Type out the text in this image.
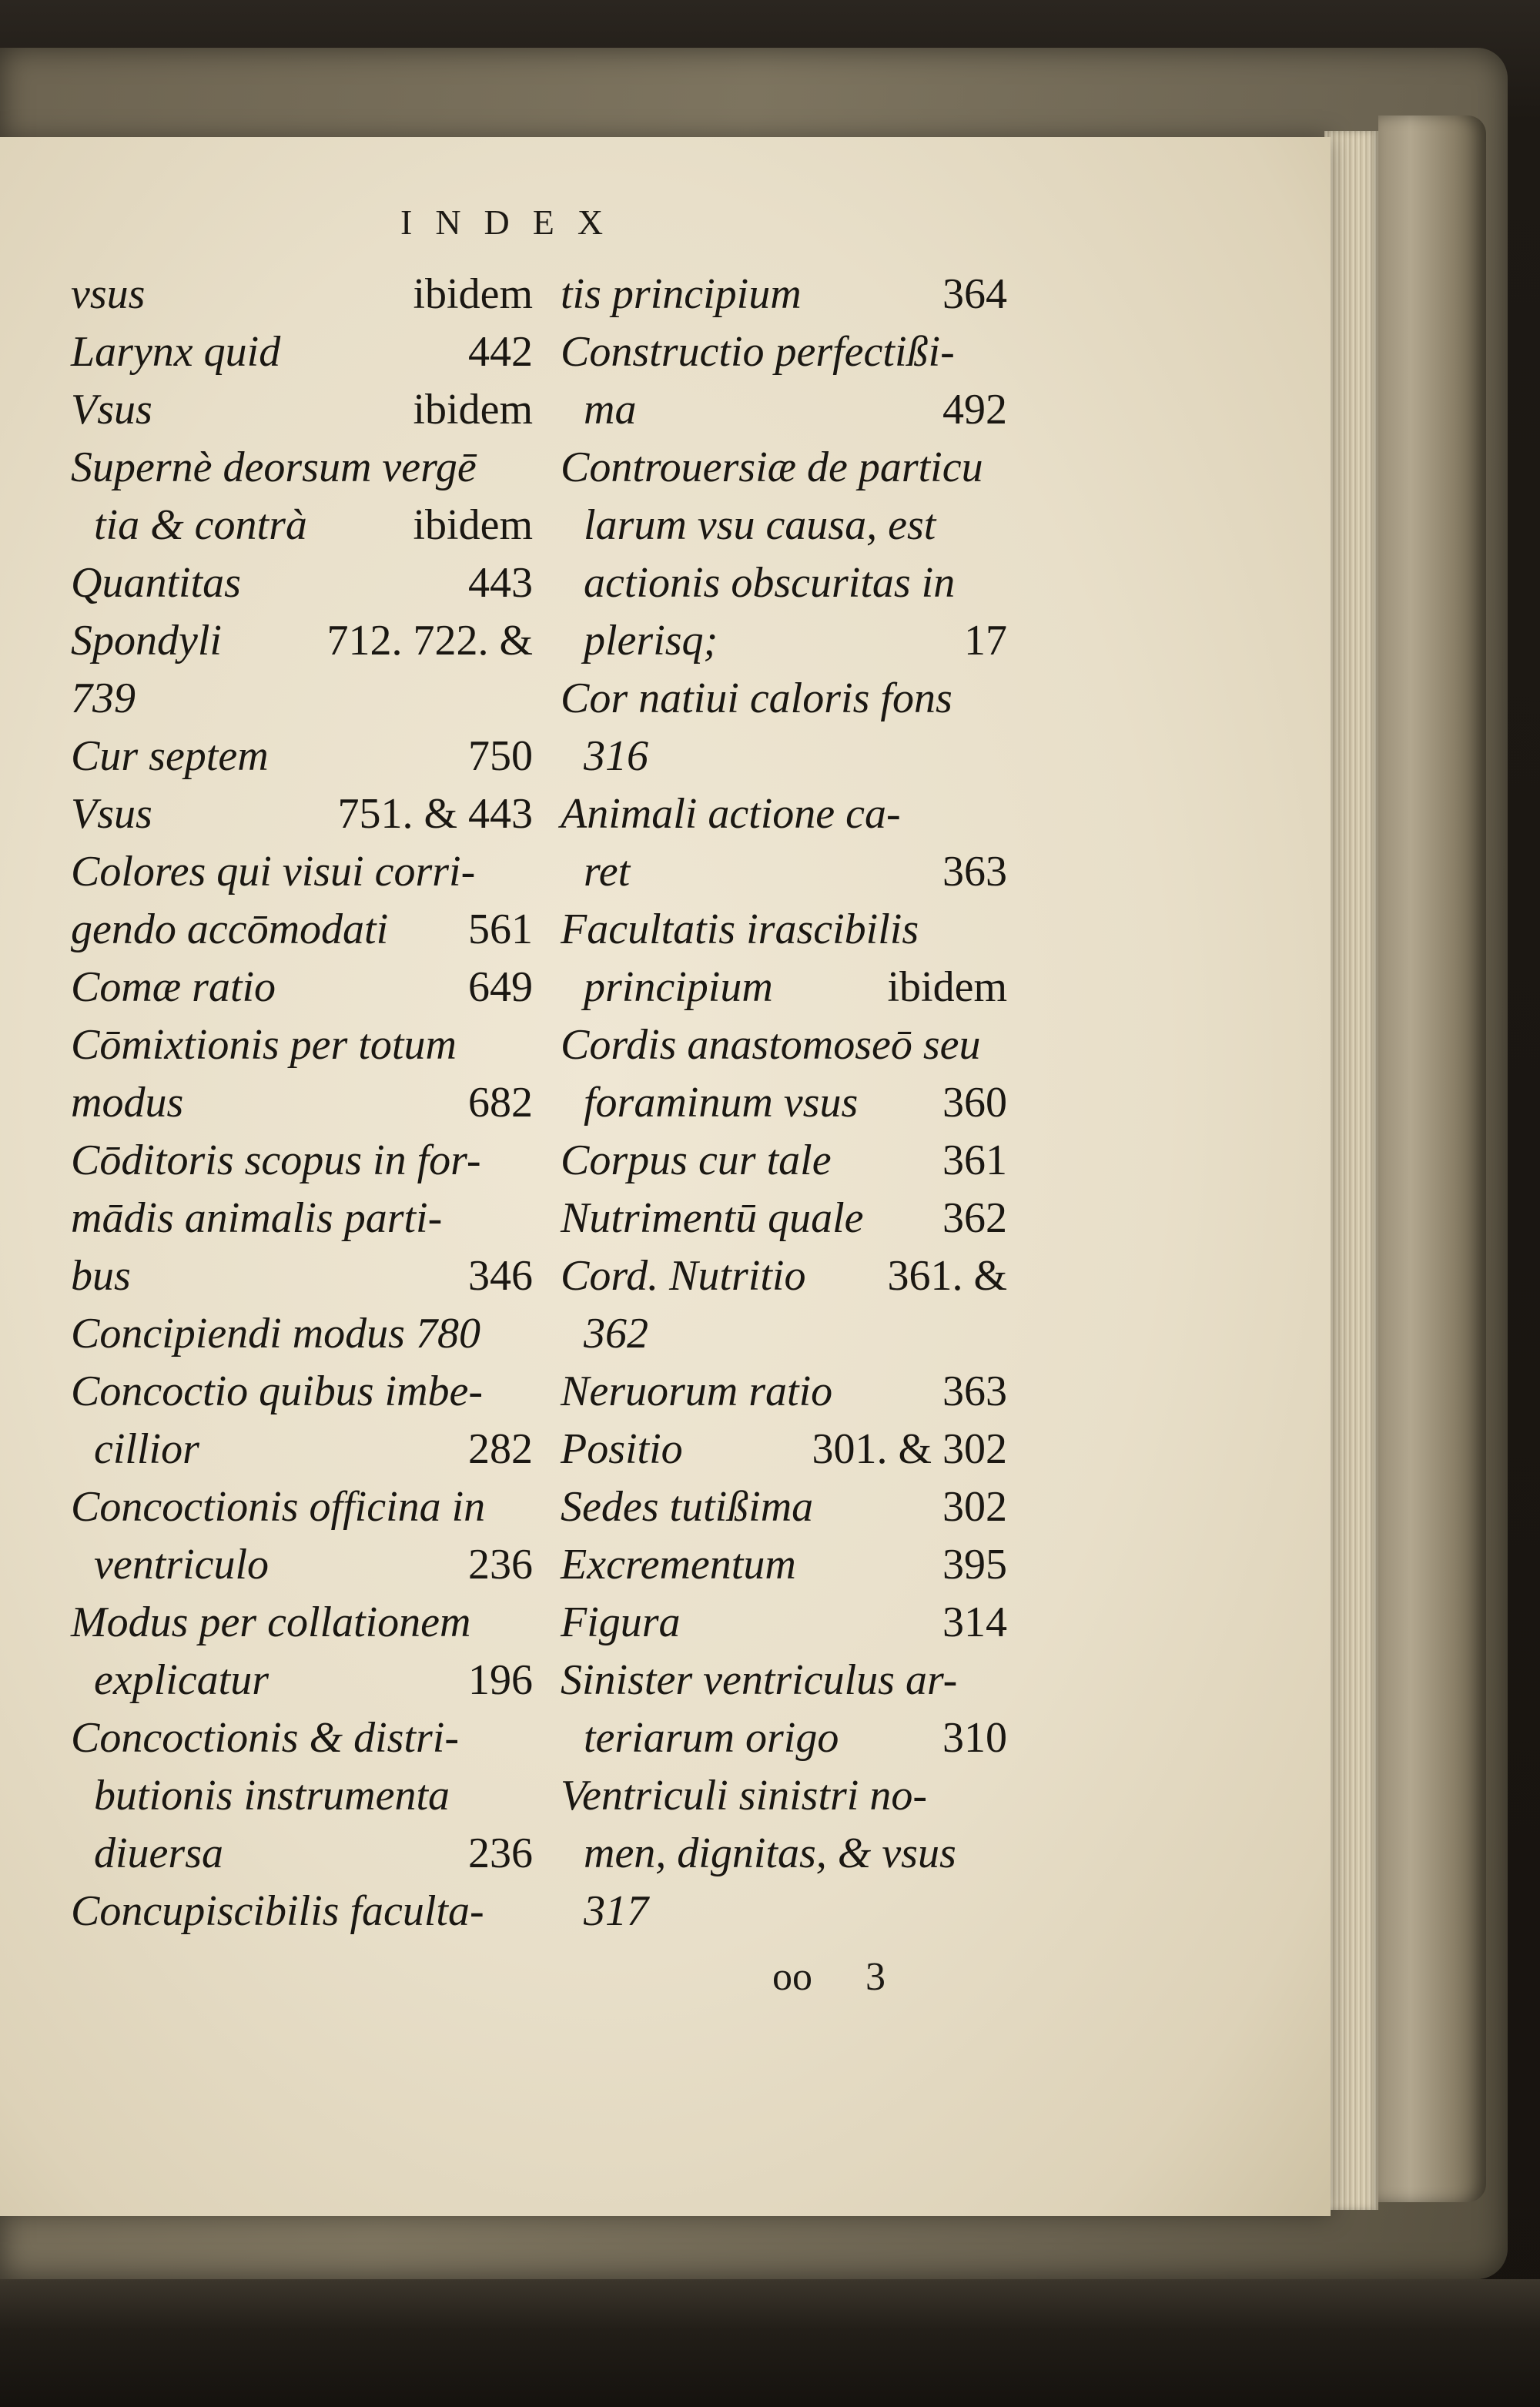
INDEX
vsus	ibidem
Larynx quid	442
Vsus	ibidem
Supernè deorsum vergē
tia & contrà ibidem
Quantitas	443
Spondyli 712. 722. &
739
Cur septem	750
Vsus	751. & 443
Colores qui visui corri-
gendo accōmodati 561
Comæ ratio	649
Cōmixtionis per totum
modus	682
Cōditoris scopus in for-
mādis animalis parti-
bus	346
Concipiendi modus 780
Concoctio quibus imbe-
cillior	282
Concoctionis officina in
ventriculo	236
Modus per collationem
explicatur	196
Concoctionis & distri-
butionis instrumenta
diuersa	236
Concupiscibilis faculta-
tis principium	364
Constructio perfectißi-
ma	492
Controuersiæ de particu
larum vsu causa, est
actionis obscuritas in
plerisq;	17
Cor natiui caloris fons
316
Animali actione ca-
ret	363
Facultatis irascibilis
principium	ibidem
Cordis anastomoseō seu
foraminum vsus 360
Corpus cur tale	361
Nutrimentū quale 362
Cord. Nutritio 361. &
362
Neruorum ratio	363
Positio	301. & 302
Sedes tutißima	302
Excrementum	395
Figura	314
Sinister ventriculus ar-
teriarum origo 310
Ventriculi sinistri no-
men, dignitas, & vsus
317
oo 3
